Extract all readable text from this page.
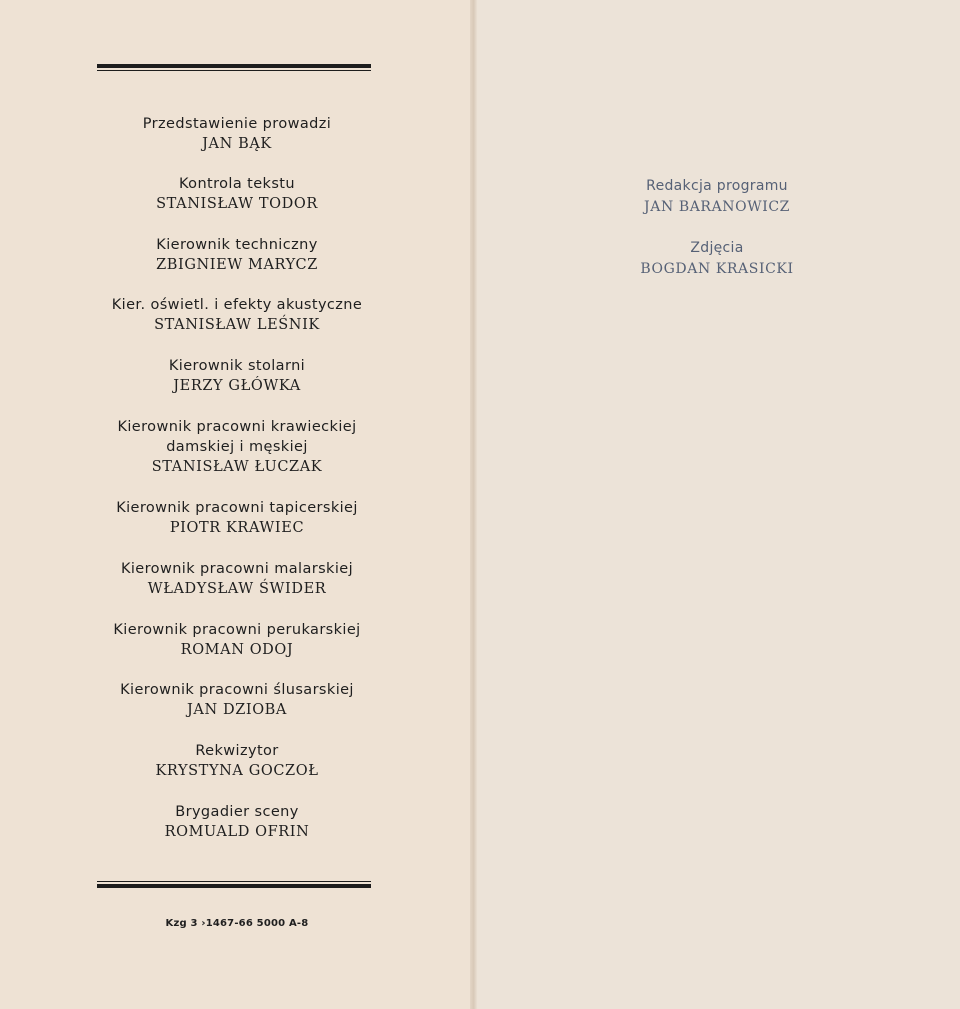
Przedstawienie prowadzi
JAN BĄK
Kontrola tekstu
STANISŁAW TODOR
Kierownik techniczny
ZBIGNIEW MARYCZ
Kier. oświetl. i efekty akustyczne
STANISŁAW LEŚNIK
Kierownik stolarni
JERZY GŁÓWKA
Kierownik pracowni krawieckiej
damskiej i męskiej
STANISŁAW ŁUCZAK
Kierownik pracowni tapicerskiej
PIOTR KRAWIEC
Kierownik pracowni malarskiej
WŁADYSŁAW ŚWIDER
Kierownik pracowni perukarskiej
ROMAN ODOJ
Kierownik pracowni ślusarskiej
JAN DZIOBA
Rekwizytor
KRYSTYNA GOCZOŁ
Brygadier sceny
ROMUALD OFRIN
Kzg 3 ›1467-66 5000 A-8
Redakcja programu
JAN BARANOWICZ
Zdjęcia
BOGDAN KRASICKI
